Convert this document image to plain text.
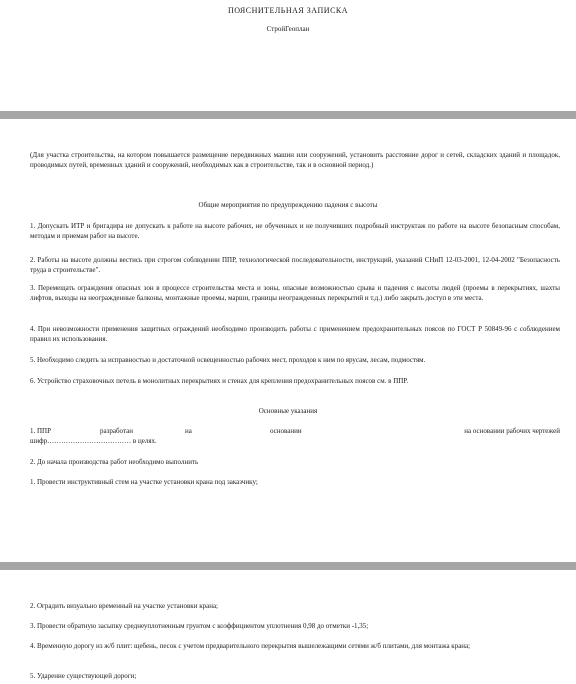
ПОЯСНИТЕЛЬНАЯ ЗАПИСКА
СтройГеоплан
(Для участка строительства, на котором повышается размещение передвижных машин или сооружений, установить расстояние дорог и сетей, складских зданий и площадок, проводимых путей, временных зданий и сооружений, необходимых как в строительстве, так и в основной период.)
Общие мероприятия по предупреждению падения с высоты
1. Допускать ИТР и бригадира не допускать к работе на высоте рабочих, не обученных и не получивших подробный инструктаж по работе на высоте безопасным способам, методам и приемам работ на высоте.
2. Работы на высоте должны вестись при строгом соблюдении ППР, технологической последовательности, инструкций, указаний СНиП 12-03-2001, 12-04-2002 "Безопасность труда в строительстве".
3. Перемещать ограждения опасных зон в процессе строительства места и зоны, опасные возможностью срыва и падения с высоты людей (проемы в перекрытиях, шахты лифтов, выходы на неогражденные балконы, монтажные проемы, марши, границы неогражденных перекрытий и т.д.) либо закрыть доступ в эти места.
4. При невозможности применения защитных ограждений необходимо производить работы с применением предохранительных поясов по ГОСТ Р 50849-96 с соблюдением правил их использования.
5. Необходимо следить за исправностью и достаточной освещенностью рабочих мест, проходов к ним по ярусам, лесам, подмостям.
6. Устройство страховочных петель в монолитных перекрытиях и стенах для крепления предохранительных поясов см. в ППР.
Основные указания
1. ППР	разработан	на	основании	на основании рабочих чертежей
шифр……………………………… в целях.
2. До начала производства работ необходимо выполнить
1. Провести инструктивный стем на участке установки крана под заказчику;
2. Оградить визуально временный на участке установки крана;
3. Провести обратную засыпку среднеуплотненным грунтом с коэффициентом уплотнения 0,98 до отметки -1,35;
4. Временную дорогу из ж/б плит: щебень, песок с учетом предварительного перекрытия вышележащими сетями ж/б плитами, для монтажа крана;
5. Ударение существующей дороги;
